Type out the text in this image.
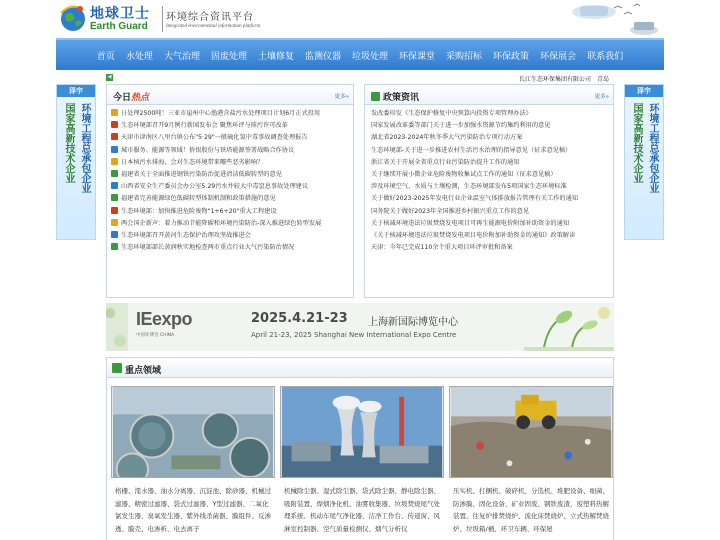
地球卫士
Earth Guard
环境综合资讯平台
Integrated environmental information platform
首页	水处理	大气治理	固废处理	土壤修复	监测仪器	垃圾处理	环保课堂	采购招标	环保政策	环保展会	联系我们
◀	长江生态环保集团有限公司　青岛
泽宇
国家高新技术企业 环境工程总承包企业
泽宇
国家高新技术企业 环境工程总承包企业
今日热点	更多»
日处理2500吨！三亚市崖州中心渔港含盐污水处理项目计划6月正式投用
生态环境部召开9月例行新闻发布会 聚焦环评与排污许可改革
天津市津南区八里台镇公布"5·29"一般硫化氢中毒事故调查处理报告
城市服务、能源等领域！侨银股份与铁塔能源签署战略合作协议
日本核污水排海，会对生态环境带来哪些恶劣影响？
福建省关于全面推进钢铁污染防治促进清洁低碳转型的意见
山西省安全生产委员会办公室5.29污水井较大中毒窒息事故处理建议
福建省完善能源绿色低碳转型体制机制和政策措施的意见
生态环境部：加快推进危险废物"1+6+20"重大工程建设
两会国企新声：着力推动节能降碳和环境污染防治-深入推进绿色转型发展
生态环境部召开黄河生态保护治理攻坚战推进会
生态环境部部长黄润秋实地检查两市重点行业大气污染防治情况
政策资讯	更多»
发改委印发《生态保护修复中央预算内投资专项管理办法》
国家发展改革委等部门关于进一步加强水资源节约集约利用的意见
湖北省2023-2024年秋冬季大气污染防治专项行动方案
生态环境部-关于进一步推进农村生活污水治理的指导意见（征求意见稿）
浙江省关于开展全省重点行业污染防治提升工作的通知
关于继续开展小微企业危险废物收集试点工作的通知（征求意见稿）
涉及环境空气、水质与土壤检测，生态环境部发布5项国家生态环境标准
关于做好2023-2025年发电行业企业温室气体排放报告管理有关工作的通知
国务院关于做好2023年全国推进乡村振兴重点工作的意见
关于核减环境违法垃圾焚烧发电项目可再生能源电价附加补助资金的通知
《关于核减环境违法垃圾焚烧发电项目电价附加补助资金的通知》政策解读
天津：今年已完成110余个重大项目环评审批和备案
IEexpo
中国环博会 CHINA
2025.4.21-23 上海新国际博览中心
April 21-23, 2025 Shanghai New International Expo Centre
重点领域
格栅、滗水器、油水分离器、沉淀池、除砂器、机械过滤器、精密过滤器、袋式过滤器、Y型过滤器、二氧化氯发生器、臭氧发生器、紫外线杀菌器、膜组件、反渗透、膜壳、电渗析、电去离子
机械除尘器、湿式除尘器、袋式除尘器、静电除尘器、吸附装置、焊烟净化机、油雾收集器、垃圾焚烧尾气处理系统、机动车尾气净化器、洁净工作台、传递窗、风淋室控制器、空气质量检测仪、烟气分析仪
压实机、打捆机、破碎机、分选机、堆肥设备、细菌、防渗膜、固化设备、矿业固废、钢铁废渣、废塑料热解装置、往复炉排焚烧炉、流化床焚烧炉、立式热解焚烧炉、垃圾箱/桶、环卫车辆、环保屋
